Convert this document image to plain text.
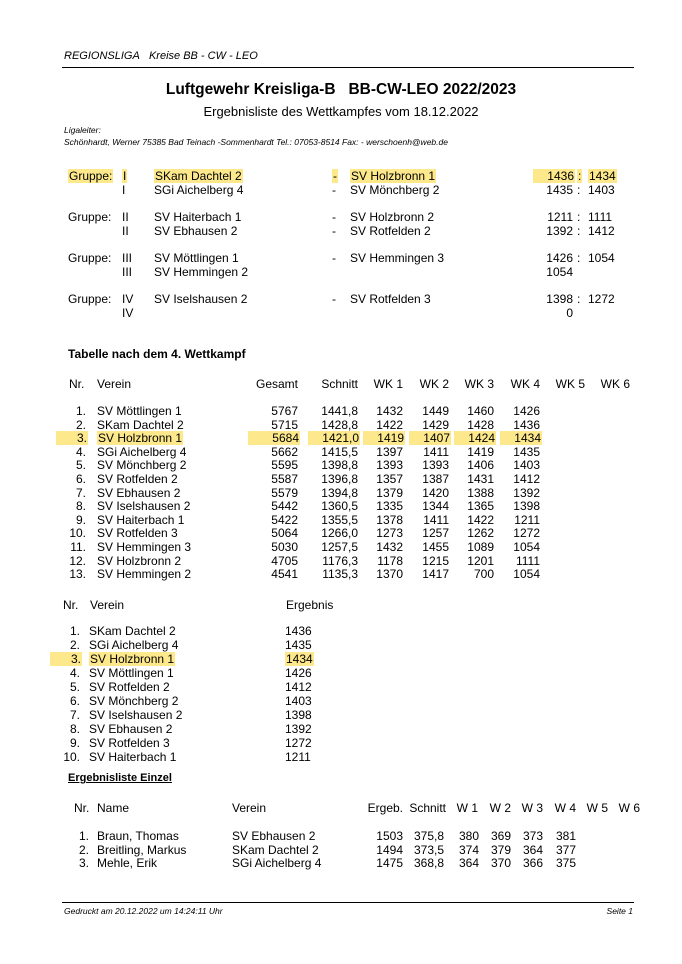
REGIONSLIGA Kreise BB - CW - LEO
Luftgewehr Kreisliga-B   BB-CW-LEO 2022/2023
Ergebnisliste des Wettkampfes vom 18.12.2022
Ligaleiter:
Schönhardt, Werner 75385 Bad Teinach -Sommenhardt Tel.: 07053-8514 Fax: - werschoenh@web.de
Gruppe: I SKam Dachtel 2	- SV Holzbronn 1	1436 : 1434
I SGi Aichelberg 4	- SV Mönchberg 2	1435 : 1403
Gruppe: II SV Haiterbach 1	- SV Holzbronn 2	1211 : 1111
II SV Ebhausen 2	- SV Rotfelden 2	1392 : 1412
Gruppe: III SV Möttlingen 1	- SV Hemmingen 3	1426 : 1054
III SV Hemmingen 2	1054
Gruppe: IV SV Iselshausen 2	- SV Rotfelden 3	1398 : 1272
IV	0
Tabelle nach dem 4. Wettkampf
Nr. Verein	Gesamt	Schnitt	WK 1	WK 2	WK 3	WK 4	WK 5	WK 6
1. SV Möttlingen 1	5767	1441,8	1432	1449	1460	1426
2. SKam Dachtel 2	5715	1428,8	1422	1429	1428	1436
3. SV Holzbronn 1	5684	1421,0	1419	1407	1424	1434
4. SGi Aichelberg 4	5662	1415,5	1397	1411	1419	1435
5. SV Mönchberg 2	5595	1398,8	1393	1393	1406	1403
6. SV Rotfelden 2	5587	1396,8	1357	1387	1431	1412
7. SV Ebhausen 2	5579	1394,8	1379	1420	1388	1392
8. SV Iselshausen 2	5442	1360,5	1335	1344	1365	1398
9. SV Haiterbach 1	5422	1355,5	1378	1411	1422	1211
10. SV Rotfelden 3	5064	1266,0	1273	1257	1262	1272
11. SV Hemmingen 3	5030	1257,5	1432	1455	1089	1054
12. SV Holzbronn 2	4705	1176,3	1178	1215	1201	1111
13. SV Hemmingen 2	4541	1135,3	1370	1417	700	1054
Nr. Verein	Ergebnis
1. SKam Dachtel 2	1436
2. SGi Aichelberg 4	1435
3. SV Holzbronn 1	1434
4. SV Möttlingen 1	1426
5. SV Rotfelden 2	1412
6. SV Mönchberg 2	1403
7. SV Iselshausen 2	1398
8. SV Ebhausen 2	1392
9. SV Rotfelden 3	1272
10. SV Haiterbach 1	1211
Ergebnisliste Einzel
Nr. Name	Verein	Ergeb. Schnitt W 1 W 2 W 3 W 4 W 5 W 6
1. Braun, Thomas	SV Ebhausen 2	1503 375,8	380 369 373	381
2. Breitling, Markus	SKam Dachtel 2	1494 373,5	374 379 364	377
3. Mehle, Erik	SGi Aichelberg 4	1475 368,8	364 370 366	375
Gedruckt am 20.12.2022 um 14:24:11 Uhr	Seite 1
